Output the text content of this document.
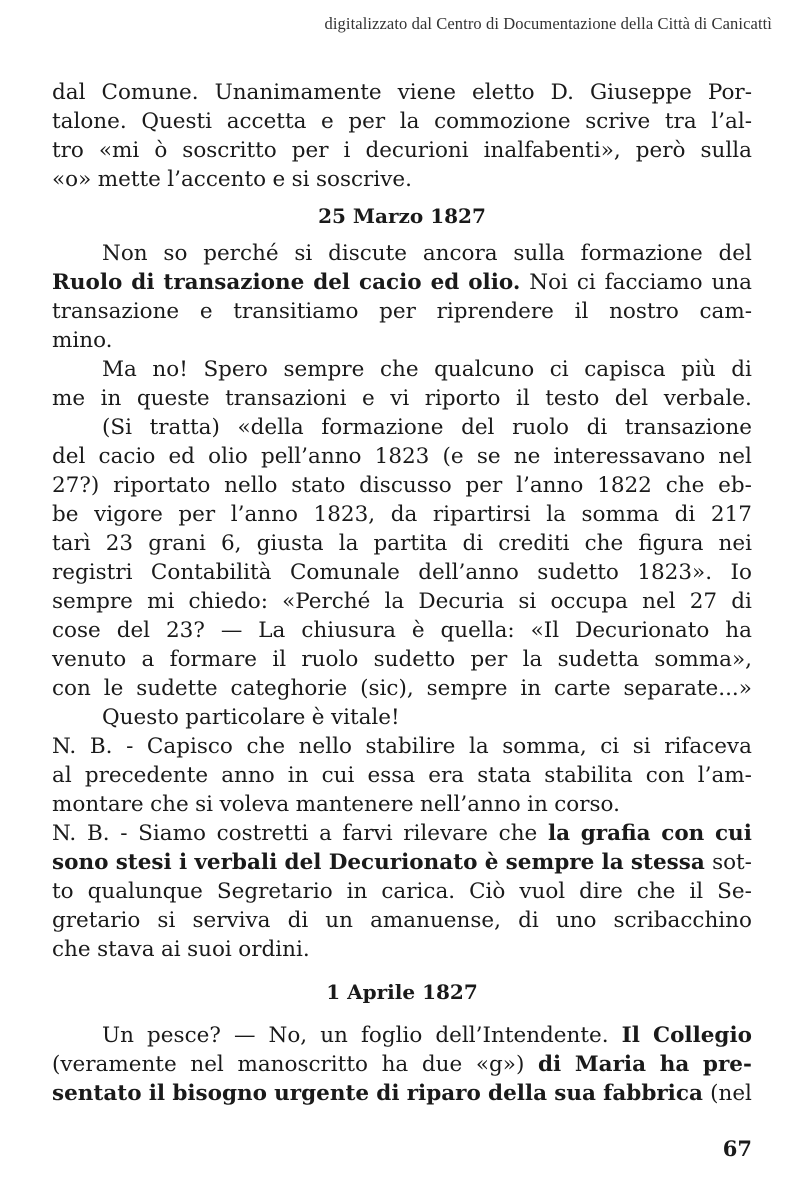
digitalizzato dal Centro di Documentazione della Città di Canicattì
dal Comune. Unanimamente viene eletto D. Giuseppe Por-
talone. Questi accetta e per la commozione scrive tra l’al-
tro «mi ò soscritto per i decurioni inalfabenti», però sulla
«o» mette l’accento e si soscrive.
25 Marzo 1827
Non so perché si discute ancora sulla formazione del
Ruolo di transazione del cacio ed olio. Noi ci facciamo una
transazione e transitiamo per riprendere il nostro cam-
mino.
Ma no! Spero sempre che qualcuno ci capisca più di
me in queste transazioni e vi riporto il testo del verbale.
(Si tratta) «della formazione del ruolo di transazione
del cacio ed olio pell’anno 1823 (e se ne interessavano nel
27?) riportato nello stato discusso per l’anno 1822 che eb-
be vigore per l’anno 1823, da ripartirsi la somma di 217
tarì 23 grani 6, giusta la partita di crediti che figura nei
registri Contabilità Comunale dell’anno sudetto 1823». Io
sempre mi chiedo: «Perché la Decuria si occupa nel 27 di
cose del 23? — La chiusura è quella: «Il Decurionato ha
venuto a formare il ruolo sudetto per la sudetta somma»,
con le sudette categhorie (sic), sempre in carte separate...»
Questo particolare è vitale!
N. B. - Capisco che nello stabilire la somma, ci si rifaceva
al precedente anno in cui essa era stata stabilita con l’am-
montare che si voleva mantenere nell’anno in corso.
N. B. - Siamo costretti a farvi rilevare che la grafia con cui
sono stesi i verbali del Decurionato è sempre la stessa sot-
to qualunque Segretario in carica. Ciò vuol dire che il Se-
gretario si serviva di un amanuense, di uno scribacchino
che stava ai suoi ordini.
1 Aprile 1827
Un pesce? — No, un foglio dell’Intendente. Il Collegio
(veramente nel manoscritto ha due «g») di Maria ha pre-
sentato il bisogno urgente di riparo della sua fabbrica (nel
67
